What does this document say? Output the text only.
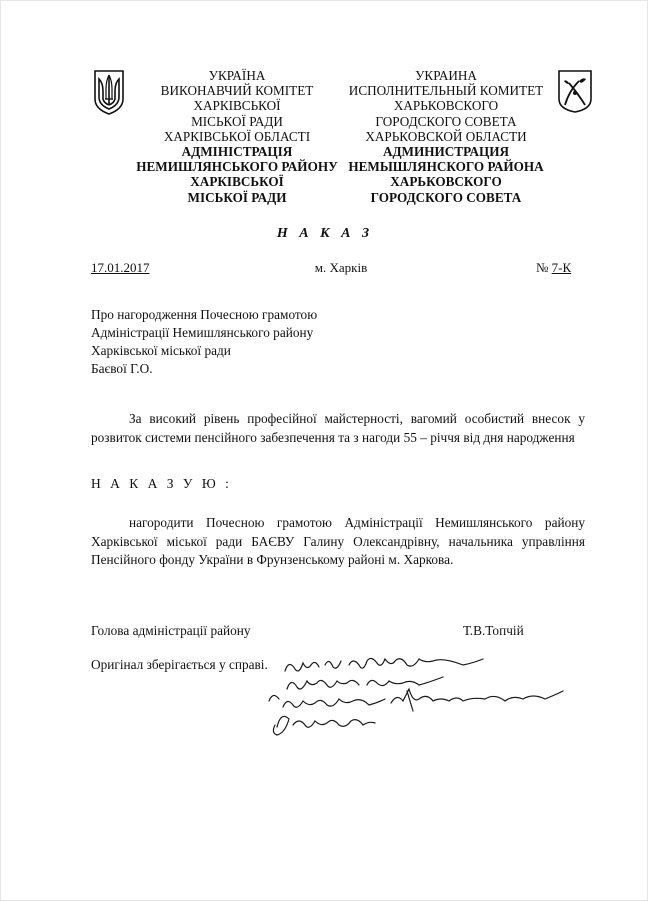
УКРАЇНА
ВИКОНАВЧИЙ КОМІТЕТ
ХАРКІВСЬКОЇ
МІСЬКОЇ РАДИ
ХАРКІВСЬКОЇ ОБЛАСТІ
АДМІНІСТРАЦІЯ
НЕМИШЛЯНСЬКОГО РАЙОНУ
ХАРКІВСЬКОЇ
МІСЬКОЇ РАДИ
УКРАИНА
ИСПОЛНИТЕЛЬНЫЙ КОМИТЕТ
ХАРЬКОВСКОГО
ГОРОДСКОГО СОВЕТА
ХАРЬКОВСКОЙ ОБЛАСТИ
АДМИНИСТРАЦИЯ
НЕМЫШЛЯНСКОГО РАЙОНА
ХАРЬКОВСКОГО
ГОРОДСКОГО СОВЕТА
Н А К А З
17.01.2017	м. Харків	№ 7-К
Про нагородження Почесною грамотою
Адміністрації Немишлянського району
Харківської міської ради
Баєвої Г.О.
За високий рівень професійної майстерності, вагомий особистий внесок у розвиток системи пенсійного забезпечення та з нагоди 55 – річчя від дня народження
Н А К А З У Ю :
нагородити Почесною грамотою Адміністрації Немишлянського району Харківської міської ради БАЄВУ Галину Олександрівну, начальника управління Пенсійного фонду України в Фрунзенському районі м. Харкова.
Голова адміністрації району	Т.В.Топчій
Оригінал зберігається у справі.
